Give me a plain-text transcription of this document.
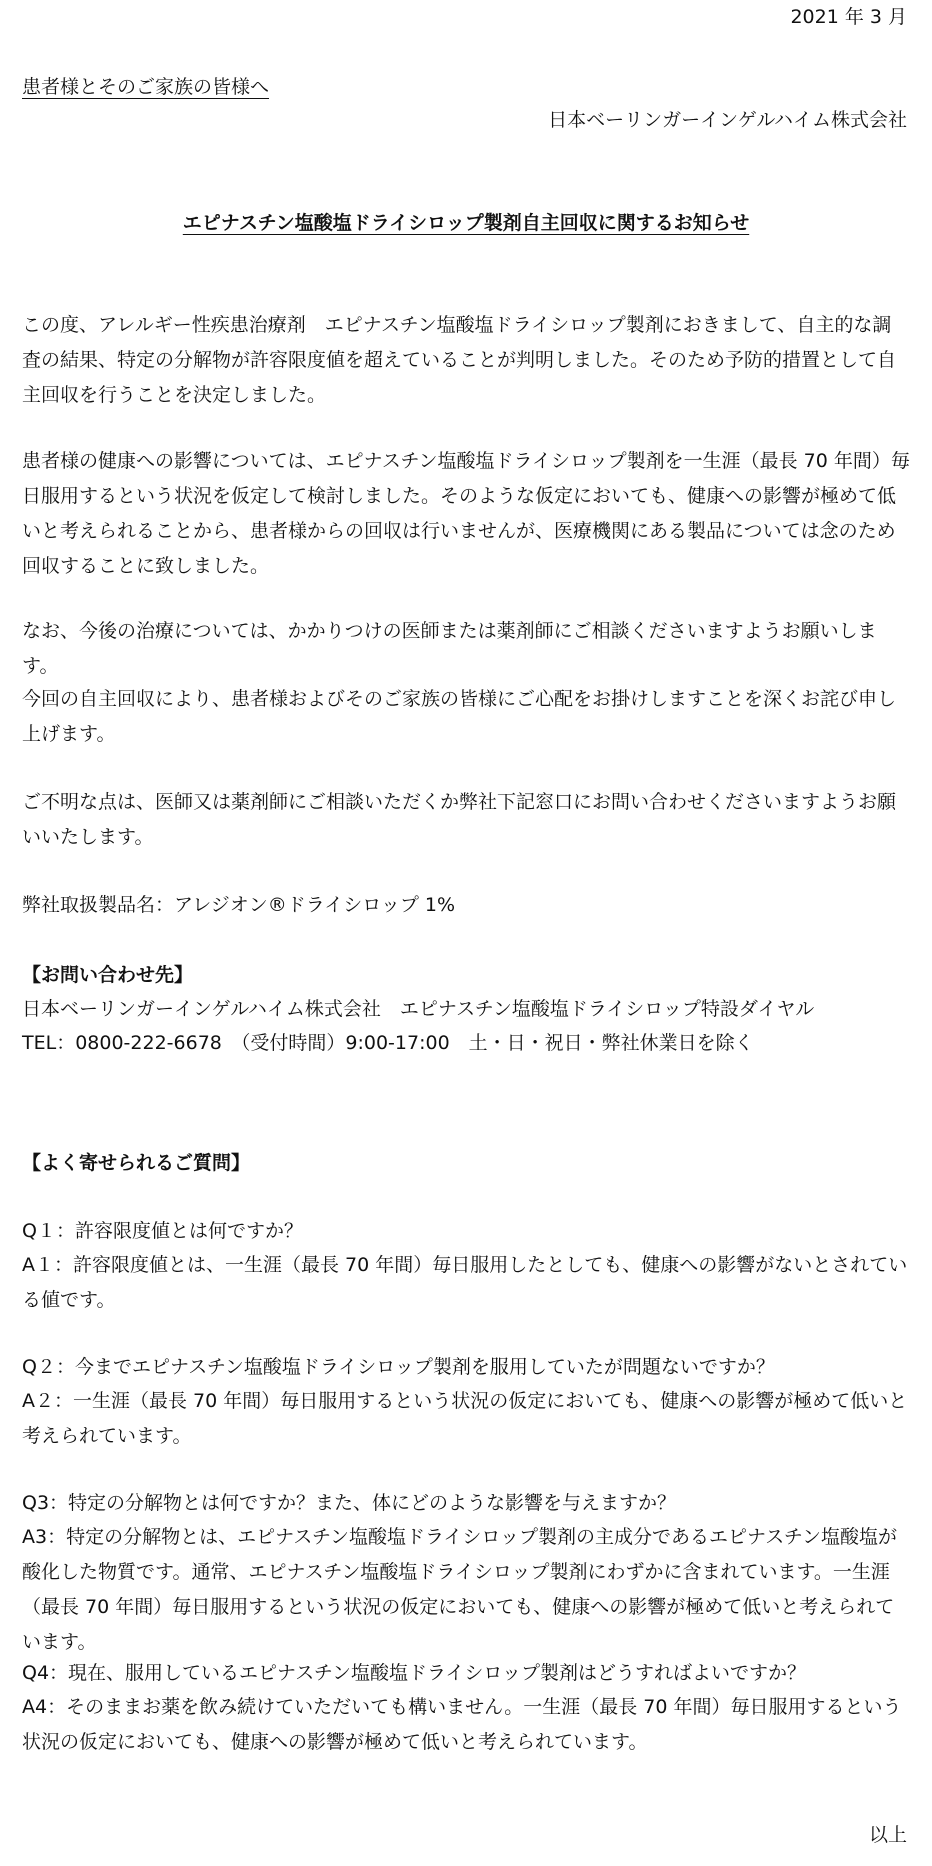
2021 年 3 月
患者様とそのご家族の皆様へ
日本ベーリンガーインゲルハイム株式会社
エピナスチン塩酸塩ドライシロップ製剤自主回収に関するお知らせ
この度、アレルギー性疾患治療剤　エピナスチン塩酸塩ドライシロップ製剤におきまして、自主的な調査の結果、特定の分解物が許容限度値を超えていることが判明しました。そのため予防的措置として自主回収を行うことを決定しました。
患者様の健康への影響については、エピナスチン塩酸塩ドライシロップ製剤を一生涯（最長 70 年間）毎日服用するという状況を仮定して検討しました。そのような仮定においても、健康への影響が極めて低いと考えられることから、患者様からの回収は行いませんが、医療機関にある製品については念のため回収することに致しました。
なお、今後の治療については、かかりつけの医師または薬剤師にご相談くださいますようお願いします。
今回の自主回収により、患者様およびそのご家族の皆様にご心配をお掛けしますことを深くお詫び申し上げます。
ご不明な点は、医師又は薬剤師にご相談いただくか弊社下記窓口にお問い合わせくださいますようお願いいたします。
弊社取扱製品名：アレジオン®ドライシロップ 1%
【お問い合わせ先】
日本ベーリンガーインゲルハイム株式会社　エピナスチン塩酸塩ドライシロップ特設ダイヤル
TEL：0800-222-6678　（受付時間）9:00-17:00　土・日・祝日・弊社休業日を除く
【よく寄せられるご質問】
Q１：許容限度値とは何ですか？
A１：許容限度値とは、一生涯（最長 70 年間）毎日服用したとしても、健康への影響がないとされている値です。
Q２：今までエピナスチン塩酸塩ドライシロップ製剤を服用していたが問題ないですか？
A２：一生涯（最長 70 年間）毎日服用するという状況の仮定においても、健康への影響が極めて低いと考えられています。
Q3：特定の分解物とは何ですか？また、体にどのような影響を与えますか？
A3：特定の分解物とは、エピナスチン塩酸塩ドライシロップ製剤の主成分であるエピナスチン塩酸塩が酸化した物質です。通常、エピナスチン塩酸塩ドライシロップ製剤にわずかに含まれています。一生涯（最長 70 年間）毎日服用するという状況の仮定においても、健康への影響が極めて低いと考えられています。
Q4：現在、服用しているエピナスチン塩酸塩ドライシロップ製剤はどうすればよいですか？
A4：そのままお薬を飲み続けていただいても構いません。一生涯（最長 70 年間）毎日服用するという状況の仮定においても、健康への影響が極めて低いと考えられています。
以上
